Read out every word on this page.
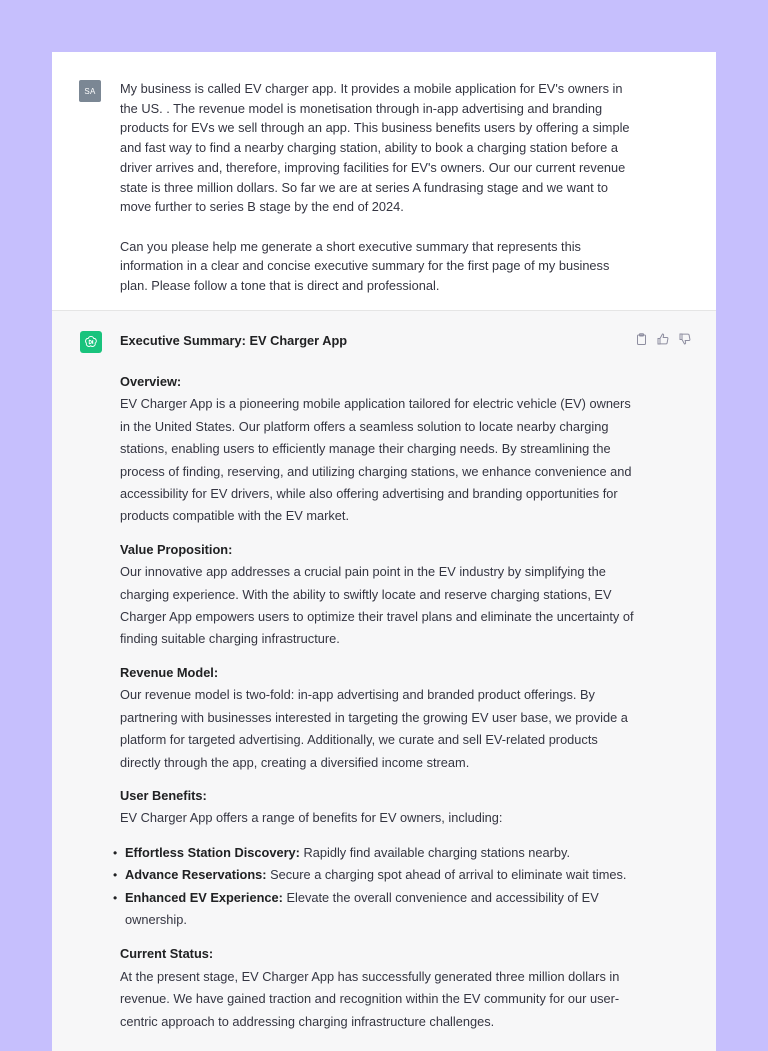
SA	My business is called EV charger app. It provides a mobile application for EV's owners in the US. . The revenue model is monetisation through in-app advertising and branding products for EVs we sell through an app. This business benefits users by offering a simple and fast way to find a nearby charging station, ability to book a charging station before a driver arrives and, therefore, improving facilities for EV's owners. Our our current revenue state is three million dollars. So far we are at series A fundrasing stage and we want to move further to series B stage by the end of 2024.

Can you please help me generate a short executive summary that represents this information in a clear and concise executive summary for the first page of my business plan. Please follow a tone that is direct and professional.

Executive Summary: EV Charger App
Overview:
EV Charger App is a pioneering mobile application tailored for electric vehicle (EV) owners in the United States. Our platform offers a seamless solution to locate nearby charging stations, enabling users to efficiently manage their charging needs. By streamlining the process of finding, reserving, and utilizing charging stations, we enhance convenience and accessibility for EV drivers, while also offering advertising and branding opportunities for products compatible with the EV market.
Value Proposition:
Our innovative app addresses a crucial pain point in the EV industry by simplifying the charging experience. With the ability to swiftly locate and reserve charging stations, EV Charger App empowers users to optimize their travel plans and eliminate the uncertainty of finding suitable charging infrastructure.
Revenue Model:
Our revenue model is two-fold: in-app advertising and branded product offerings. By partnering with businesses interested in targeting the growing EV user base, we provide a platform for targeted advertising. Additionally, we curate and sell EV-related products directly through the app, creating a diversified income stream.
User Benefits:
EV Charger App offers a range of benefits for EV owners, including:
• Effortless Station Discovery: Rapidly find available charging stations nearby.
• Advance Reservations: Secure a charging spot ahead of arrival to eliminate wait times.
• Enhanced EV Experience: Elevate the overall convenience and accessibility of EV ownership.
Current Status:
At the present stage, EV Charger App has successfully generated three million dollars in revenue. We have gained traction and recognition within the EV community for our user-centric approach to addressing charging infrastructure challenges.
